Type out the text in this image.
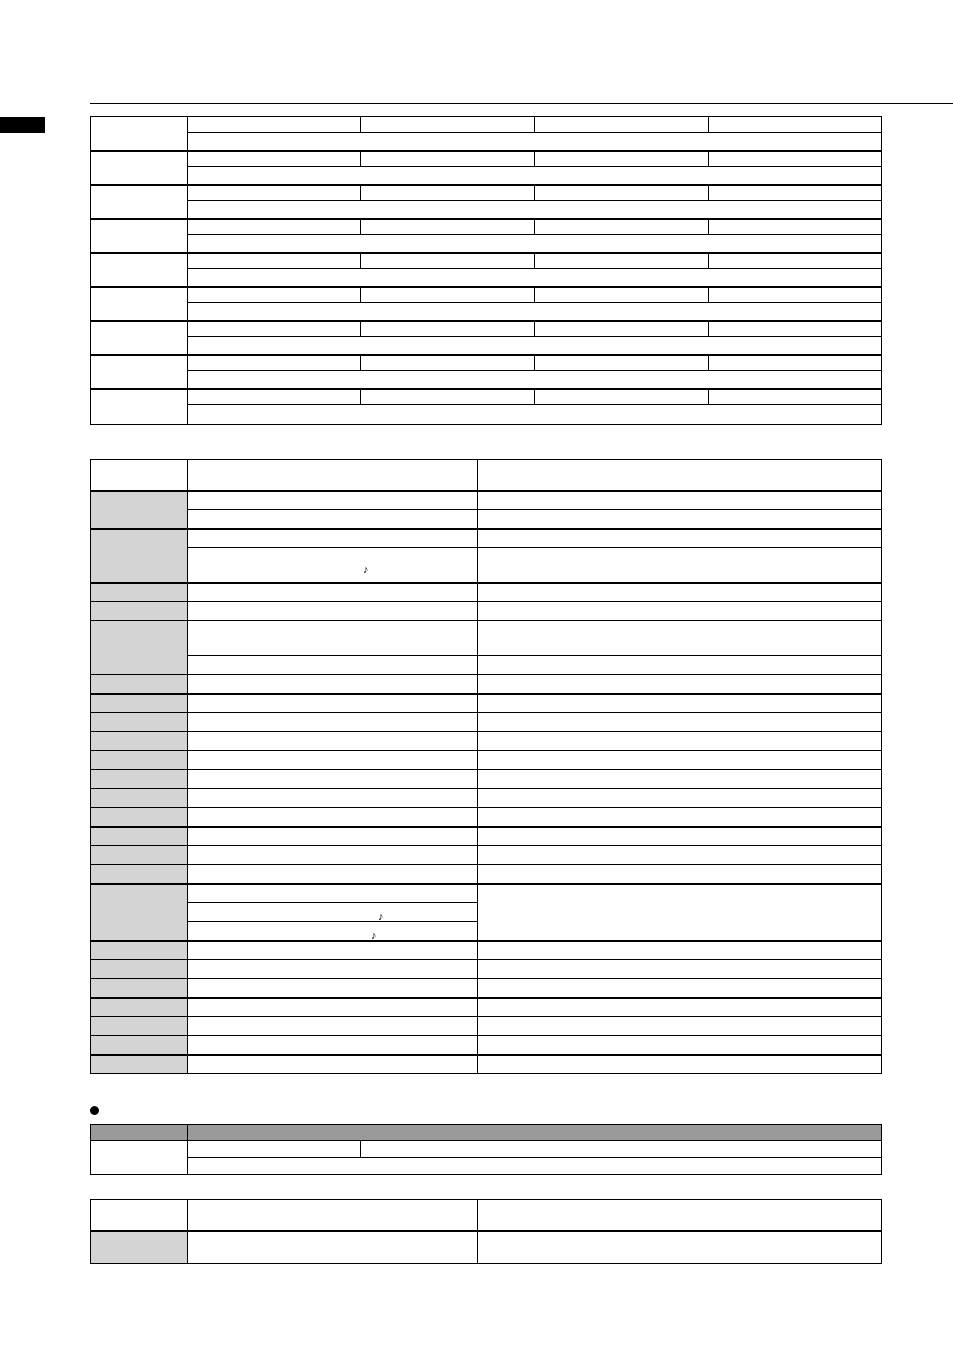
	♪	

	♪	

	♪	
